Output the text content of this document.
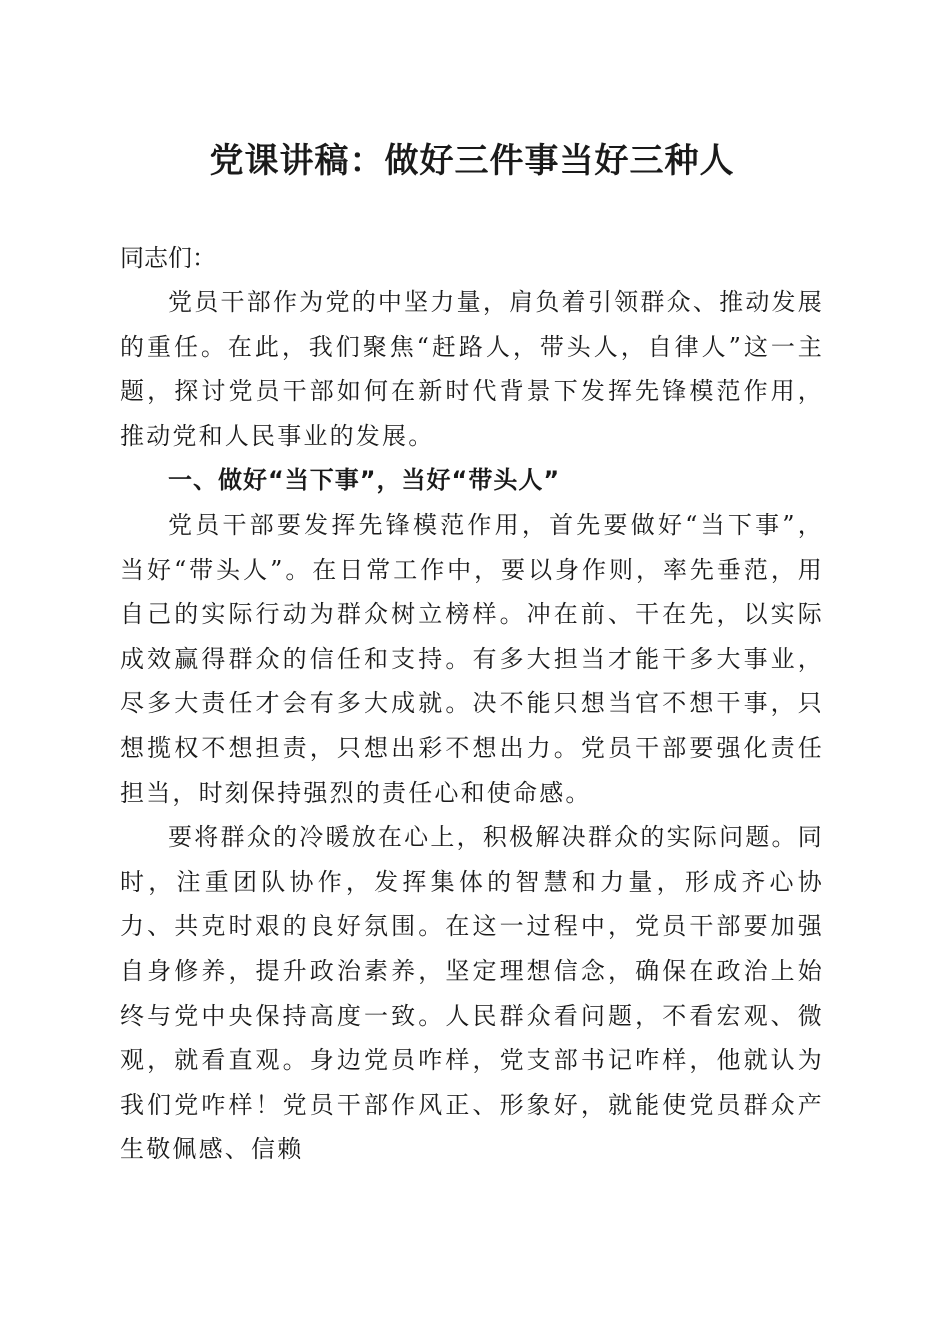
党课讲稿：做好三件事当好三种人

同志们：

党员干部作为党的中坚力量，肩负着引领群众、推动发展的重任。在此，我们聚焦“赶路人，带头人，自律人”这一主题，探讨党员干部如何在新时代背景下发挥先锋模范作用，推动党和人民事业的发展。

一、做好“当下事”，当好“带头人”

党员干部要发挥先锋模范作用，首先要做好“当下事”，当好“带头人”。在日常工作中，要以身作则，率先垂范，用自己的实际行动为群众树立榜样。冲在前、干在先，以实际成效赢得群众的信任和支持。有多大担当才能干多大事业，尽多大责任才会有多大成就。决不能只想当官不想干事，只想揽权不想担责，只想出彩不想出力。党员干部要强化责任担当，时刻保持强烈的责任心和使命感。

要将群众的冷暖放在心上，积极解决群众的实际问题。同时，注重团队协作，发挥集体的智慧和力量，形成齐心协力、共克时艰的良好氛围。在这一过程中，党员干部要加强自身修养，提升政治素养，坚定理想信念，确保在政治上始终与党中央保持高度一致。人民群众看问题，不看宏观、微观，就看直观。身边党员咋样，党支部书记咋样，他就认为我们党咋样！党员干部作风正、形象好，就能使党员群众产生敬佩感、信赖
